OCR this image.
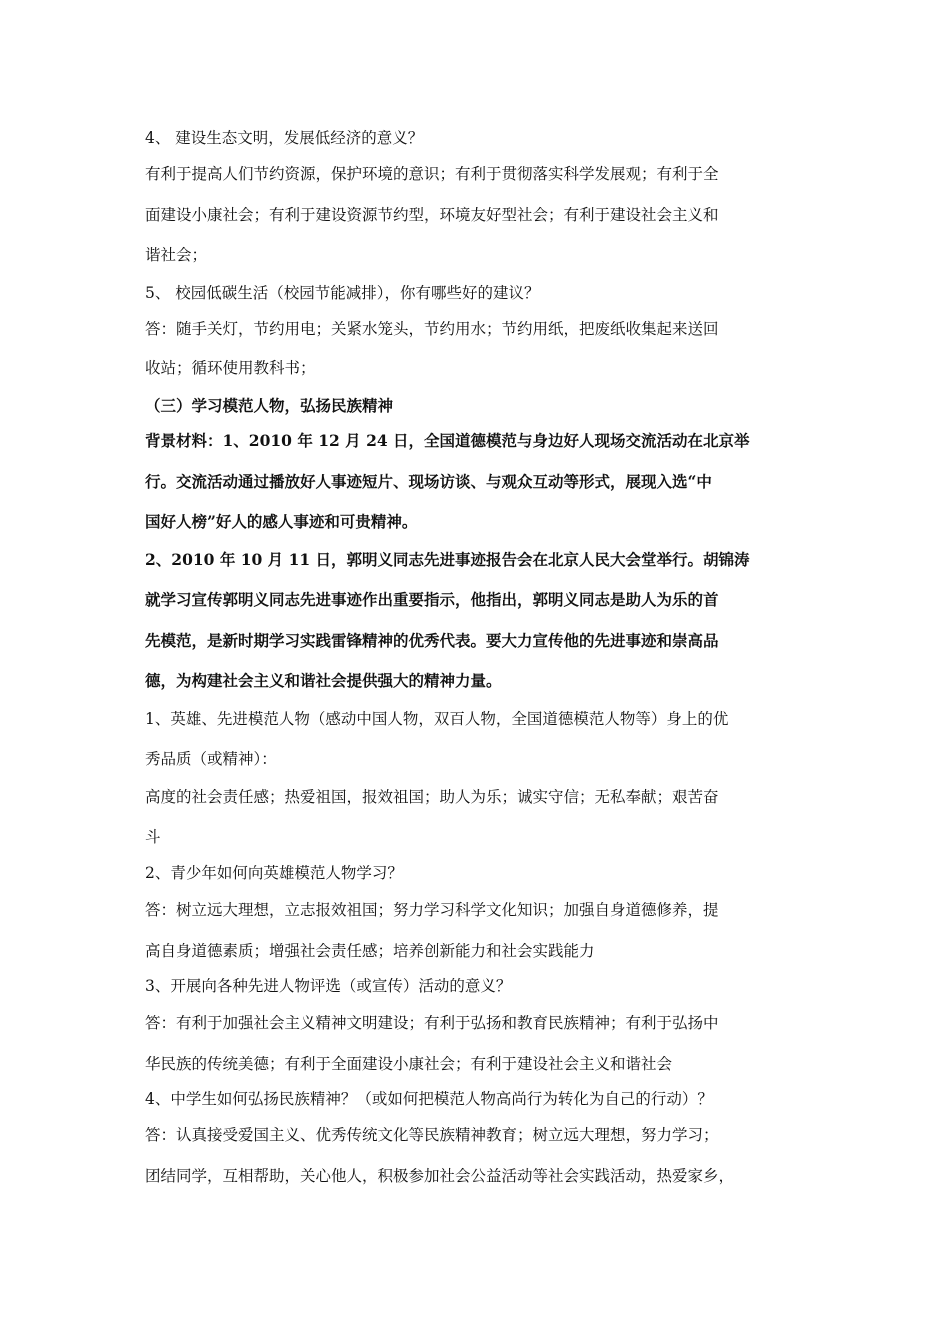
4、 建设生态文明，发展低经济的意义？
有利于提高人们节约资源，保护环境的意识；有利于贯彻落实科学发展观；有利于全
面建设小康社会；有利于建设资源节约型，环境友好型社会；有利于建设社会主义和
谐社会；
5、 校园低碳生活（校园节能减排），你有哪些好的建议？
答：随手关灯，节约用电；关紧水笼头，节约用水；节约用纸，把废纸收集起来送回
收站；循环使用教科书；
（三）学习模范人物，弘扬民族精神
背景材料：1、2010 年 12 月 24 日，全国道德模范与身边好人现场交流活动在北京举
行。交流活动通过播放好人事迹短片、现场访谈、与观众互动等形式，展现入选“中
国好人榜”好人的感人事迹和可贵精神。
2、2010 年 10 月 11 日，郭明义同志先进事迹报告会在北京人民大会堂举行。胡锦涛
就学习宣传郭明义同志先进事迹作出重要指示，他指出，郭明义同志是助人为乐的首
先模范，是新时期学习实践雷锋精神的优秀代表。要大力宣传他的先进事迹和崇高品
德，为构建社会主义和谐社会提供强大的精神力量。
1、英雄、先进模范人物（感动中国人物，双百人物，全国道德模范人物等）身上的优
秀品质（或精神）：
高度的社会责任感；热爱祖国，报效祖国；助人为乐；诚实守信；无私奉献；艰苦奋
斗
2、青少年如何向英雄模范人物学习？
答：树立远大理想，立志报效祖国；努力学习科学文化知识；加强自身道德修养，提
高自身道德素质；增强社会责任感；培养创新能力和社会实践能力
3、开展向各种先进人物评选（或宣传）活动的意义？
答：有利于加强社会主义精神文明建设；有利于弘扬和教育民族精神；有利于弘扬中
华民族的传统美德；有利于全面建设小康社会；有利于建设社会主义和谐社会
4、中学生如何弘扬民族精神？（或如何把模范人物高尚行为转化为自己的行动）？
答：认真接受爱国主义、优秀传统文化等民族精神教育；树立远大理想，努力学习；
团结同学，互相帮助，关心他人，积极参加社会公益活动等社会实践活动，热爱家乡，
